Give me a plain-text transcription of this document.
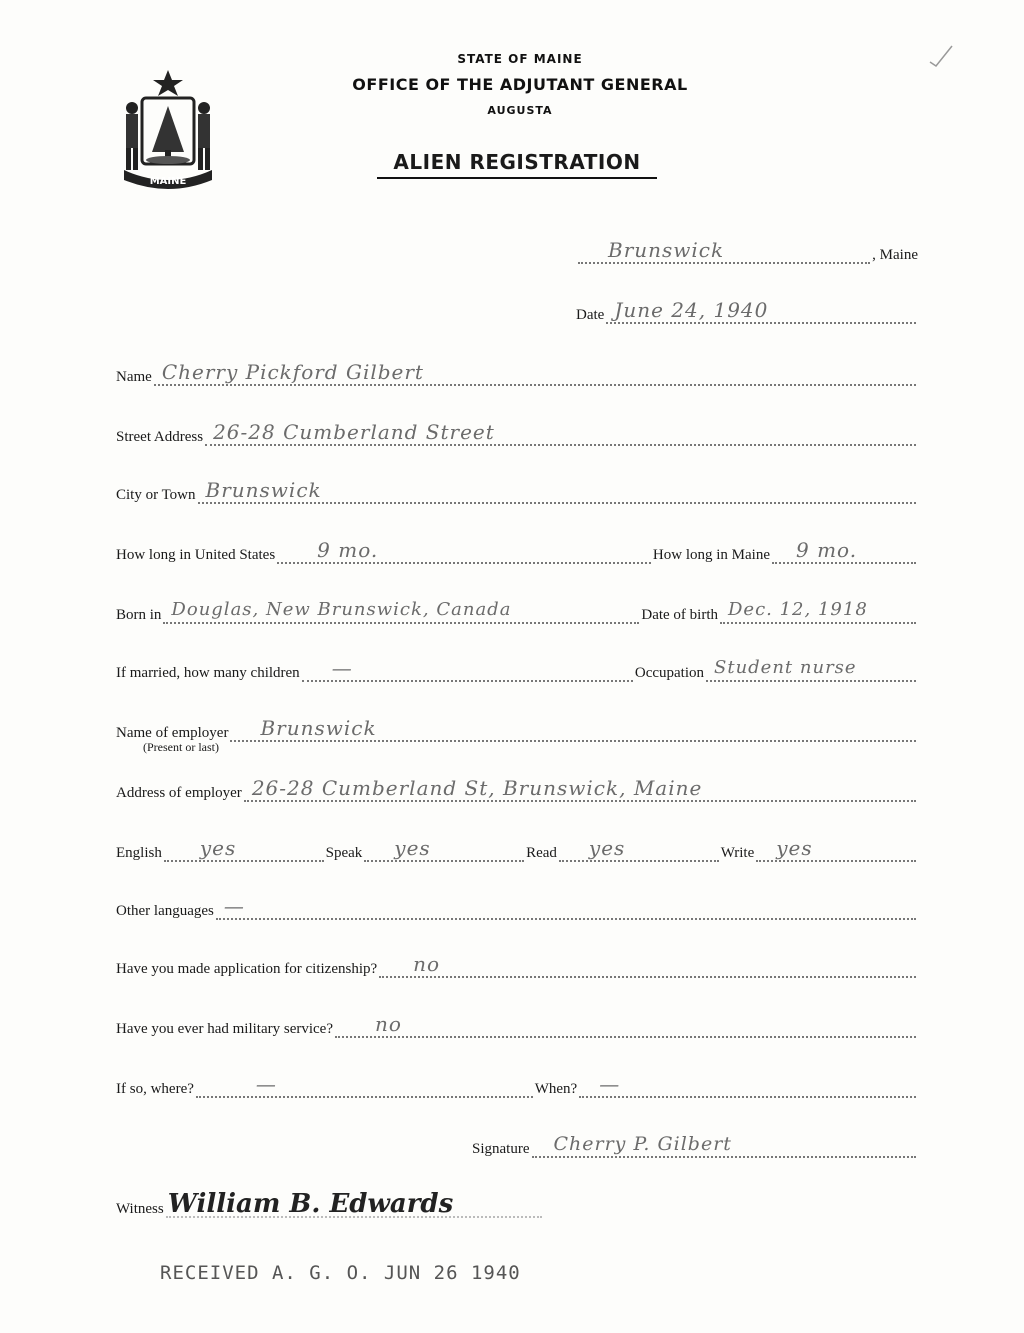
MAINE
STATE OF MAINE
OFFICE OF THE ADJUTANT GENERAL
AUGUSTA
ALIEN REGISTRATION
Brunswick	, Maine
Date June 24, 1940
Name Cherry Pickford Gilbert
Street Address 26-28 Cumberland Street
City or Town Brunswick
How long in United States 9 mo.	How long in Maine 9 mo.
Born in Douglas, New Brunswick, Canada	Date of birth Dec. 12, 1918
If married, how many children —	Occupation Student nurse
Name of employer Brunswick
(Present or last)
Address of employer 26-28 Cumberland St, Brunswick, Maine
English yes	Speak yes	Read yes	Write yes
Other languages —
Have you made application for citizenship? no
Have you ever had military service? no
If so, where?	—	When? —
Signature Cherry P. Gilbert
Witness William B. Edwards
RECEIVED A. G. O. JUN 26 1940
